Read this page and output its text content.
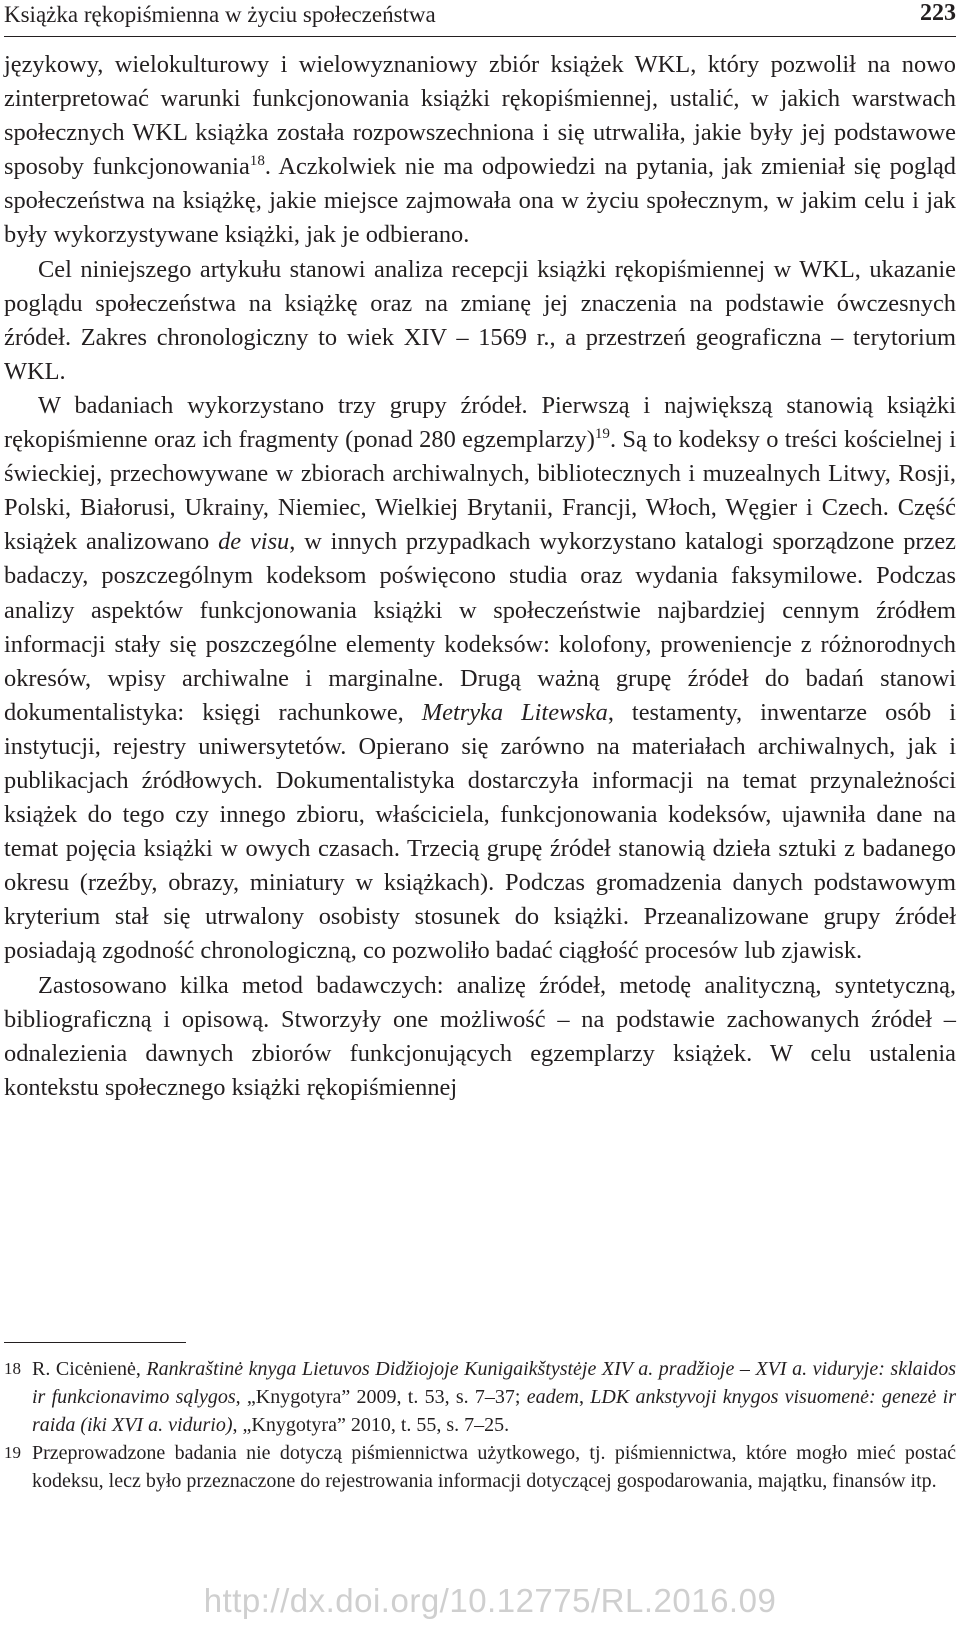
Książka rękopiśmienna w życiu społeczeństwa	223

językowy, wielokulturowy i wielowyznaniowy zbiór książek WKL, który pozwolił na nowo zinterpretować warunki funkcjonowania książki rękopiśmiennej, ustalić, w jakich warstwach społecznych WKL książka została rozpowszechniona i się utrwaliła, jakie były jej podstawowe sposoby funkcjonowania$^{18}$. Aczkolwiek nie ma odpowiedzi na pytania, jak zmieniał się pogląd społeczeństwa na książkę, jakie miejsce zajmowała ona w życiu społecznym, w jakim celu i jak były wykorzystywane książki, jak je odbierano.

Cel niniejszego artykułu stanowi analiza recepcji książki rękopiśmiennej w WKL, ukazanie poglądu społeczeństwa na książkę oraz na zmianę jej znaczenia na podstawie ówczesnych źródeł. Zakres chronologiczny to wiek XIV – 1569 r., a przestrzeń geograficzna – terytorium WKL.

W badaniach wykorzystano trzy grupy źródeł. Pierwszą i największą stanowią książki rękopiśmienne oraz ich fragmenty (ponad 280 egzemplarzy)$^{19}$. Są to kodeksy o treści kościelnej i świeckiej, przechowywane w zbiorach archiwalnych, bibliotecznych i muzealnych Litwy, Rosji, Polski, Białorusi, Ukrainy, Niemiec, Wielkiej Brytanii, Francji, Włoch, Węgier i Czech. Część książek analizowano de visu, w innych przypadkach wykorzystano katalogi sporządzone przez badaczy, poszczególnym kodeksom poświęcono studia oraz wydania faksymilowe. Podczas analizy aspektów funkcjonowania książki w społeczeństwie najbardziej cennym źródłem informacji stały się poszczególne elementy kodeksów: kolofony, proweniencje z różnorodnych okresów, wpisy archiwalne i marginalne. Drugą ważną grupę źródeł do badań stanowi dokumentalistyka: księgi rachunkowe, Metryka Litewska, testamenty, inwentarze osób i instytucji, rejestry uniwersytetów. Opierano się zarówno na materiałach archiwalnych, jak i publikacjach źródłowych. Dokumentalistyka dostarczyła informacji na temat przynależności książek do tego czy innego zbioru, właściciela, funkcjonowania kodeksów, ujawniła dane na temat pojęcia książki w owych czasach. Trzecią grupę źródeł stanowią dzieła sztuki z badanego okresu (rzeźby, obrazy, miniatury w książkach). Podczas gromadzenia danych podstawowym kryterium stał się utrwalony osobisty stosunek do książki. Przeanalizowane grupy źródeł posiadają zgodność chronologiczną, co pozwoliło badać ciągłość procesów lub zjawisk.

Zastosowano kilka metod badawczych: analizę źródeł, metodę analityczną, syntetyczną, bibliograficzną i opisową. Stworzyły one możliwość – na podstawie zachowanych źródeł – odnalezienia dawnych zbiorów funkcjonujących egzemplarzy książek. W celu ustalenia kontekstu społecznego książki rękopiśmiennej

18 R. Cicėnienė, Rankraštinė knyga Lietuvos Didžiojoje Kunigaikštystėje XIV a. pradžioje – XVI a. viduryje: sklaidos ir funkcionavimo sąlygos, „Knygotyra” 2009, t. 53, s. 7–37; eadem, LDK ankstyvoji knygos visuomenė: genezė ir raida (iki XVI a. vidurio), „Knygotyra” 2010, t. 55, s. 7–25.

19 Przeprowadzone badania nie dotyczą piśmiennictwa użytkowego, tj. piśmiennictwa, które mogło mieć postać kodeksu, lecz było przeznaczone do rejestrowania informacji dotyczącej gospodarowania, majątku, finansów itp.

http://dx.doi.org/10.12775/RL.2016.09
